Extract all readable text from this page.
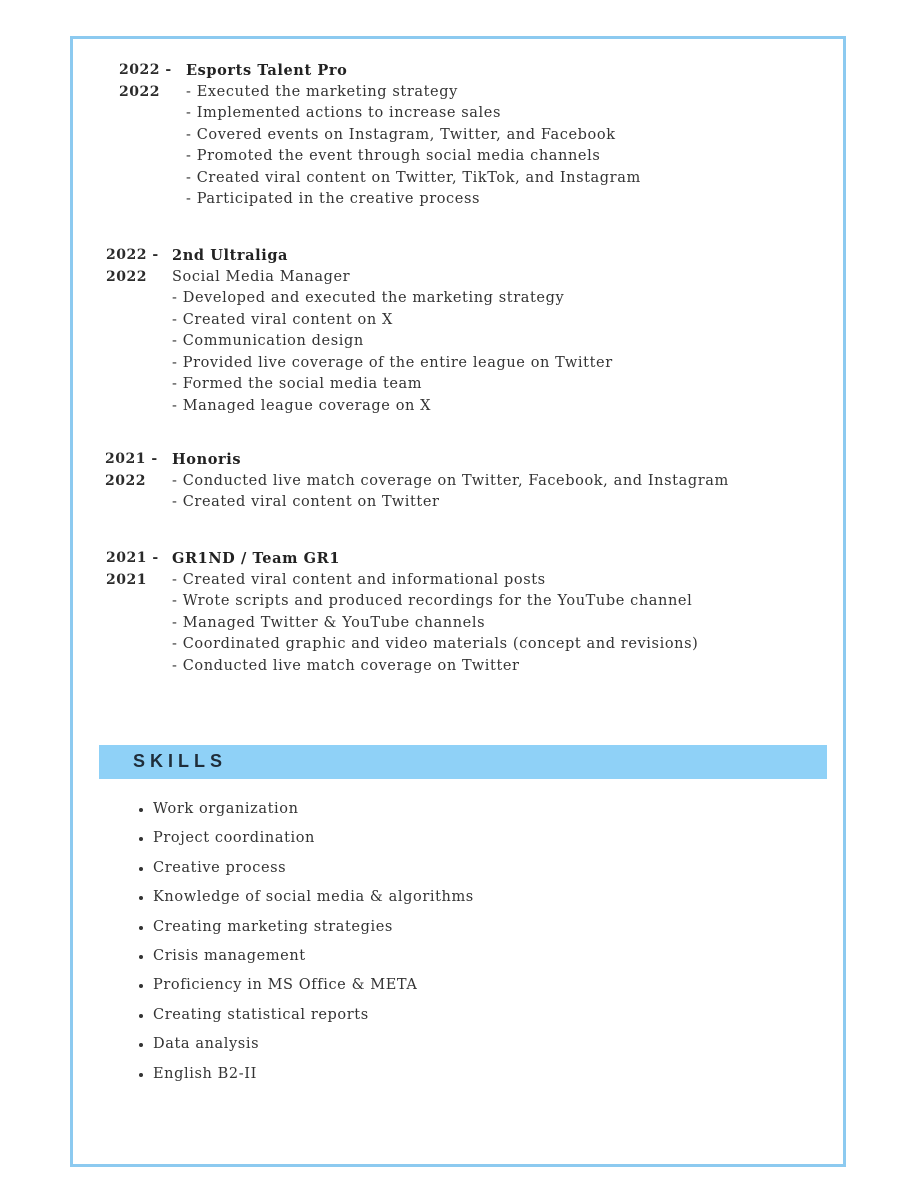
2022 -
2022
Esports Talent Pro
- Executed the marketing strategy
- Implemented actions to increase sales
- Covered events on Instagram, Twitter, and Facebook
- Promoted the event through social media channels
- Created viral content on Twitter, TikTok, and Instagram
- Participated in the creative process
2022 -
2022
2nd Ultraliga
Social Media Manager
- Developed and executed the marketing strategy
- Created viral content on X
- Communication design
- Provided live coverage of the entire league on Twitter
- Formed the social media team
- Managed league coverage on X
2021 -
2022
Honoris
- Conducted live match coverage on Twitter, Facebook, and Instagram
- Created viral content on Twitter
2021 -
2021
GR1ND / Team GR1
- Created viral content and informational posts
- Wrote scripts and produced recordings for the YouTube channel
- Managed Twitter & YouTube channels
- Coordinated graphic and video materials (concept and revisions)
- Conducted live match coverage on Twitter
SKILLS
• Work organization
• Project coordination
• Creative process
• Knowledge of social media & algorithms
• Creating marketing strategies
• Crisis management
• Proficiency in MS Office & META
• Creating statistical reports
• Data analysis
• English B2-II
